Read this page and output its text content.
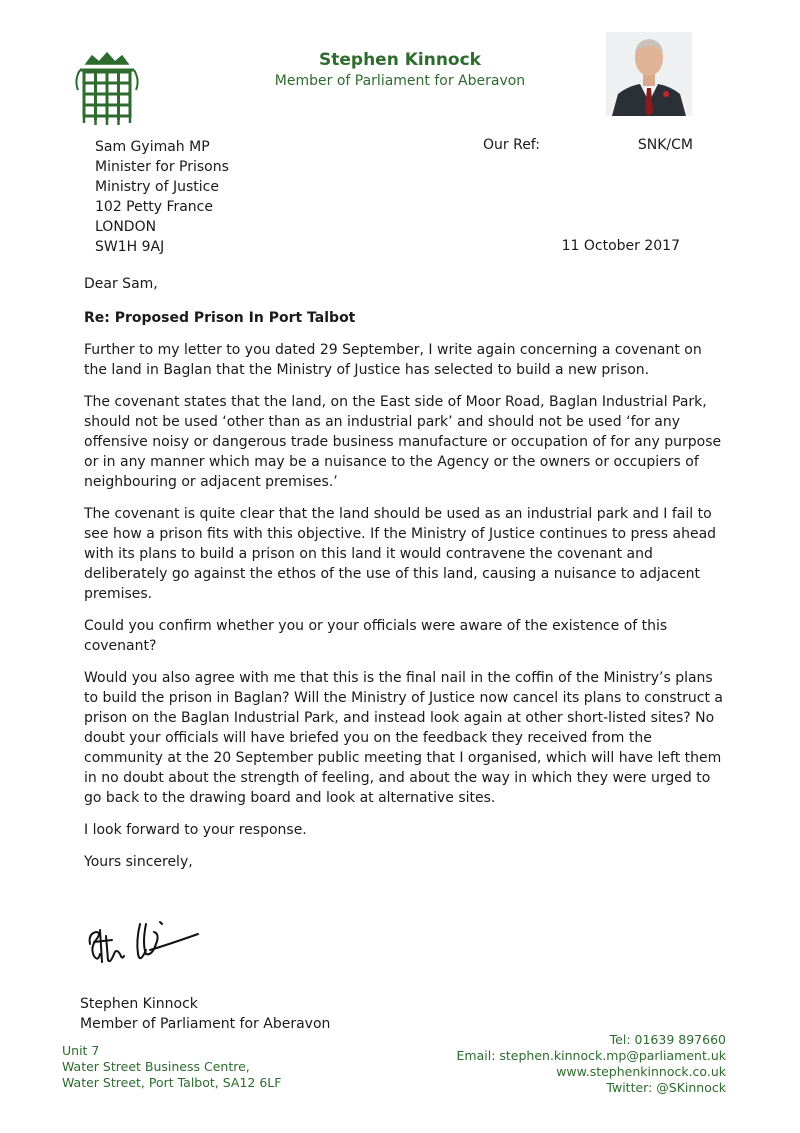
Stephen Kinnock
Member of Parliament for Aberavon
Sam Gyimah MP
Minister for Prisons
Ministry of Justice
102 Petty France
LONDON
SW1H 9AJ
Our Ref:	SNK/CM
11 October 2017

Dear Sam,

Re: Proposed Prison In Port Talbot

Further to my letter to you dated 29 September, I write again concerning a covenant on the land in Baglan that the Ministry of Justice has selected to build a new prison.

The covenant states that the land, on the East side of Moor Road, Baglan Industrial Park, should not be used ‘other than as an industrial park’ and should not be used ‘for any offensive noisy or dangerous trade business manufacture or occupation of for any purpose or in any manner which may be a nuisance to the Agency or the owners or occupiers of neighbouring or adjacent premises.’

The covenant is quite clear that the land should be used as an industrial park and I fail to see how a prison fits with this objective. If the Ministry of Justice continues to press ahead with its plans to build a prison on this land it would contravene the covenant and deliberately go against the ethos of the use of this land, causing a nuisance to adjacent premises.

Could you confirm whether you or your officials were aware of the existence of this covenant?

Would you also agree with me that this is the final nail in the coffin of the Ministry’s plans to build the prison in Baglan? Will the Ministry of Justice now cancel its plans to construct a prison on the Baglan Industrial Park, and instead look again at other short-listed sites? No doubt your officials will have briefed you on the feedback they received from the community at the 20 September public meeting that I organised, which will have left them in no doubt about the strength of feeling, and about the way in which they were urged to go back to the drawing board and look at alternative sites.

I look forward to your response.

Yours sincerely,

Stephen Kinnock
Member of Parliament for Aberavon
Unit 7
Water Street Business Centre,
Water Street, Port Talbot, SA12 6LF
Tel: 01639 897660
Email: stephen.kinnock.mp@parliament.uk
www.stephenkinnock.co.uk
Twitter: @SKinnock
